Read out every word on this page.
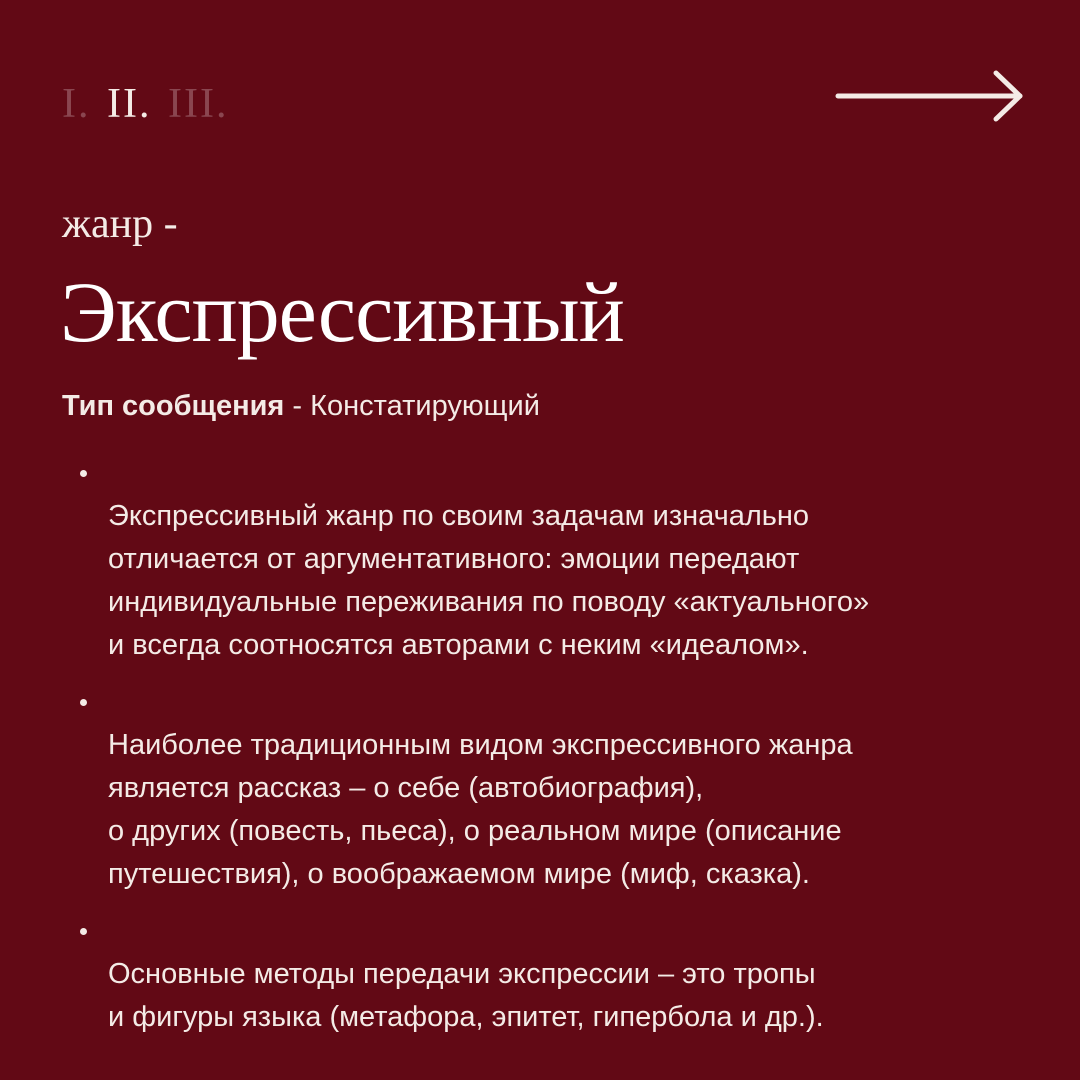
I. II. III.
жанр -
Экспрессивный
Тип сообщения - Констатирующий

Экспрессивный жанр по своим задачам изначально
отличается от аргументативного: эмоции передают
индивидуальные переживания по поводу «актуального»
и всегда соотносятся авторами с неким «идеалом».

Наиболее традиционным видом экспрессивного жанра
является рассказ – о себе (автобиография),
о других (повесть, пьеса), о реальном мире (описание
путешествия), о воображаемом мире (миф, сказка).

Основные методы передачи экспрессии – это тропы
и фигуры языка (метафора, эпитет, гипербола и др.).
